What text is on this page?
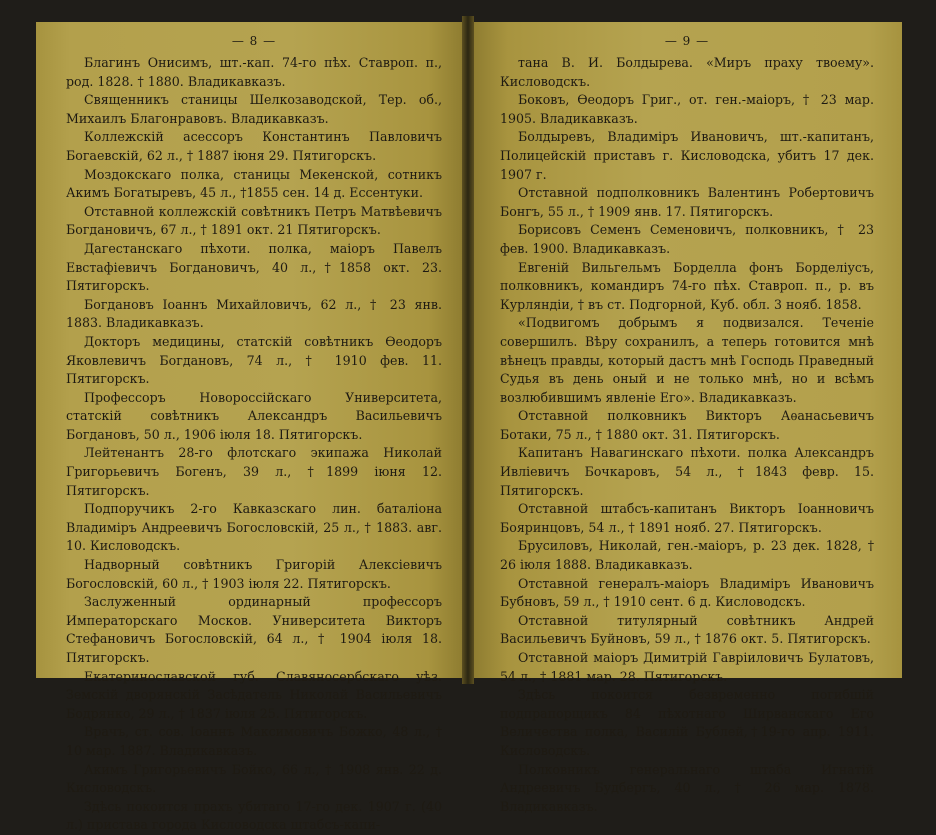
— 8 —

Благинъ Онисимъ, шт.-кап. 74-го пѣх. Ставроп. п., род. 1828. † 1880. Владикавказъ.

Священникъ станицы Шелкозаводской, Тер. об., Михаилъ Благонравовъ. Владикавказъ.

Коллежскій асессоръ Константинъ Павловичъ Богаевскій, 62 л., † 1887 іюня 29. Пятигорскъ.

Моздокскаго полка, станицы Мекенской, сотникъ Акимъ Богатыревъ, 45 л., †1855 сен. 14 д. Ессентуки.

Отставной коллежскій совѣтникъ Петръ Матвѣевичъ Богдановичъ, 67 л., † 1891 окт. 21 Пятигорскъ.

Дагестанскаго пѣхоти. полка, маіоръ Павелъ Евстафіевичъ Богдановичъ, 40 л.,†1858 окт. 23. Пятигорскъ.

Богдановъ Іоаннъ Михайловичъ, 62 л., † 23 янв. 1883. Владикавказъ.

Докторъ медицины, статскій совѣтникъ Ѳеодоръ Яковлевичъ Богдановъ, 74 л., † 1910 фев. 11. Пятигорскъ.

Профессоръ Новороссійскаго Университета, статскій совѣтникъ Александръ Васильевичъ Богдановъ, 50 л., 1906 іюля 18. Пятигорскъ.

Лейтенантъ 28-го флотскаго экипажа Николай Григорьевичъ Богенъ, 39 л., †1899 іюня 12. Пятигорскъ.

Подпоручикъ 2-го Кавказскаго лин. баталіона Владиміръ Андреевичъ Богословскій, 25 л., † 1883. авг. 10. Кисловодскъ.

Надворный совѣтникъ Григорій Алексіевичъ Богословскій, 60 л., † 1903 іюля 22. Пятигорскъ.

Заслуженный ординарный профессоръ Императорскаго Москов. Университета Викторъ Стефановичъ Богословскій, 64 л., † 1904 іюля 18. Пятигорскъ.

Екатеринославской губ. Славяносербскаго уѣз. Земскій дворянскій Засѣдатель Николай Васильевичъ Бодрянко, 29 л., † 1837 іюля 25. Пятигорскъ.

Врачъ, ст. сов. Іоаннъ Максимовичъ Божко, 48 л., † 10 мар. 1887. Владикавказъ.

Акимъ Григорьевичъ Бойко, 66 л., † 1908 янв. 22 д. Кисловодскъ.

Здѣсь покоится прахъ убитаго 17-го дек. 1907 г. (40 л.) пристава города Кисловодска штабсъ-капи-

— 9 —

тана В. И. Болдырева. «Миръ праху твоему». Кисловодскъ.

Боковъ, Ѳеодоръ Григ., от. ген.-маіоръ, † 23 мар. 1905. Владикавказъ.

Болдыревъ, Владиміръ Ивановичъ, шт.-капитанъ, Полицейскій приставъ г. Кисловодска, убитъ 17 дек. 1907 г.

Отставной подполковникъ Валентинъ Робертовичъ Бонгъ, 55 л., † 1909 янв. 17. Пятигорскъ.

Борисовъ Семенъ Семеновичъ, полковникъ, † 23 фев. 1900. Владикавказъ.

Евгеній Вильгельмъ Борделла фонъ Борделіусъ, полковникъ, командиръ 74-го пѣх. Ставроп. п., р. въ Курляндіи, † въ ст. Подгорной, Куб. обл. 3 нояб. 1858.

«Подвигомъ добрымъ я подвизался. Теченіе совершилъ. Вѣру сохранилъ, а теперь готовится мнѣ вѣнецъ правды, который дастъ мнѣ Господь Праведный Судья въ день оный и не только мнѣ, но и всѣмъ возлюбившимъ явленіе Его». Владикавказъ.

Отставной полковникъ Викторъ Аѳанасьевичъ Ботаки, 75 л., † 1880 окт. 31. Пятигорскъ.

Капитанъ Навагинскаго пѣхоти. полка Александръ Ивліевичъ Бочкаровъ, 54 л., †1843 февр. 15. Пятигорскъ.

Отставной штабсъ-капитанъ Викторъ Іоанновичъ Бояринцовъ, 54 л., † 1891 нояб. 27. Пятигорскъ.

Брусиловъ, Николай, ген.-маіоръ, р. 23 дек. 1828, † 26 іюля 1888. Владикавказъ.

Отставной генералъ-маіоръ Владиміръ Ивановичъ Бубновъ, 59 л., † 1910 сент. 6 д. Кисловодскъ.

Отставной титулярный совѣтникъ Андрей Васильевичъ Буйновъ, 59 л., † 1876 окт. 5. Пятигорскъ.

Отставной маіоръ Димитрій Гавріиловичъ Булатовъ, 54 л., † 1881 мар. 28. Пятигорскъ.

Здѣсь покоится безвременно погибшій подпрапорщикъ 84 пѣхотнаго Ширванскаго Его Величества полка, Василій Бублей,†19-го апр. 1911. Кисловодскъ.

Полковникъ генеральнаго штаба Игнатій Андреевичъ Будбергъ, 40 л., † 26 мар. 1878. Владикавказъ.
